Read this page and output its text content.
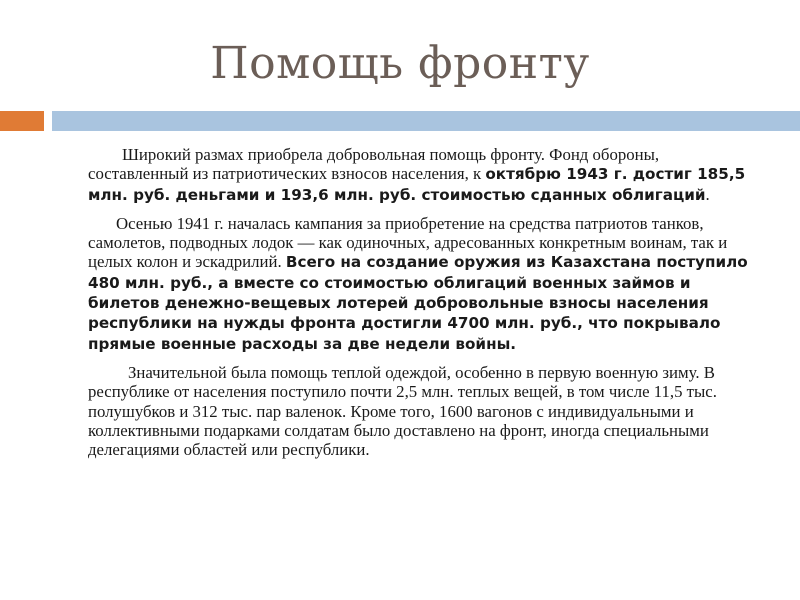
Помощь фронту

Широкий размах приобрела добровольная помощь фронту. Фонд обороны, составленный из патриотических взносов населения, к октябрю 1943 г. достиг 185,5 млн. руб. деньгами и 193,6 млн. руб. стоимостью сданных облигаций.

Осенью 1941 г. началась кампания за приобретение на средства патриотов танков, самолетов, подводных лодок — как одиночных, адресованных конкретным воинам, так и целых колон и эскадрилий. Всего на создание оружия из Казахстана поступило 480 млн. руб., а вместе со стоимостью облигаций военных займов и билетов денежно-вещевых лотерей добровольные взносы населения республики на нужды фронта достигли 4700 млн. руб., что покрывало прямые военные расходы за две недели войны.

Значительной была помощь теплой одеждой, особенно в первую военную зиму. В республике от населения поступило почти 2,5 млн. теплых вещей, в том числе 11,5 тыс. полушубков и 312 тыс. пар валенок. Кроме того, 1600 вагонов с индивидуальными и коллективными подарками солдатам было доставлено на фронт, иногда специальными делегациями областей или республики.
